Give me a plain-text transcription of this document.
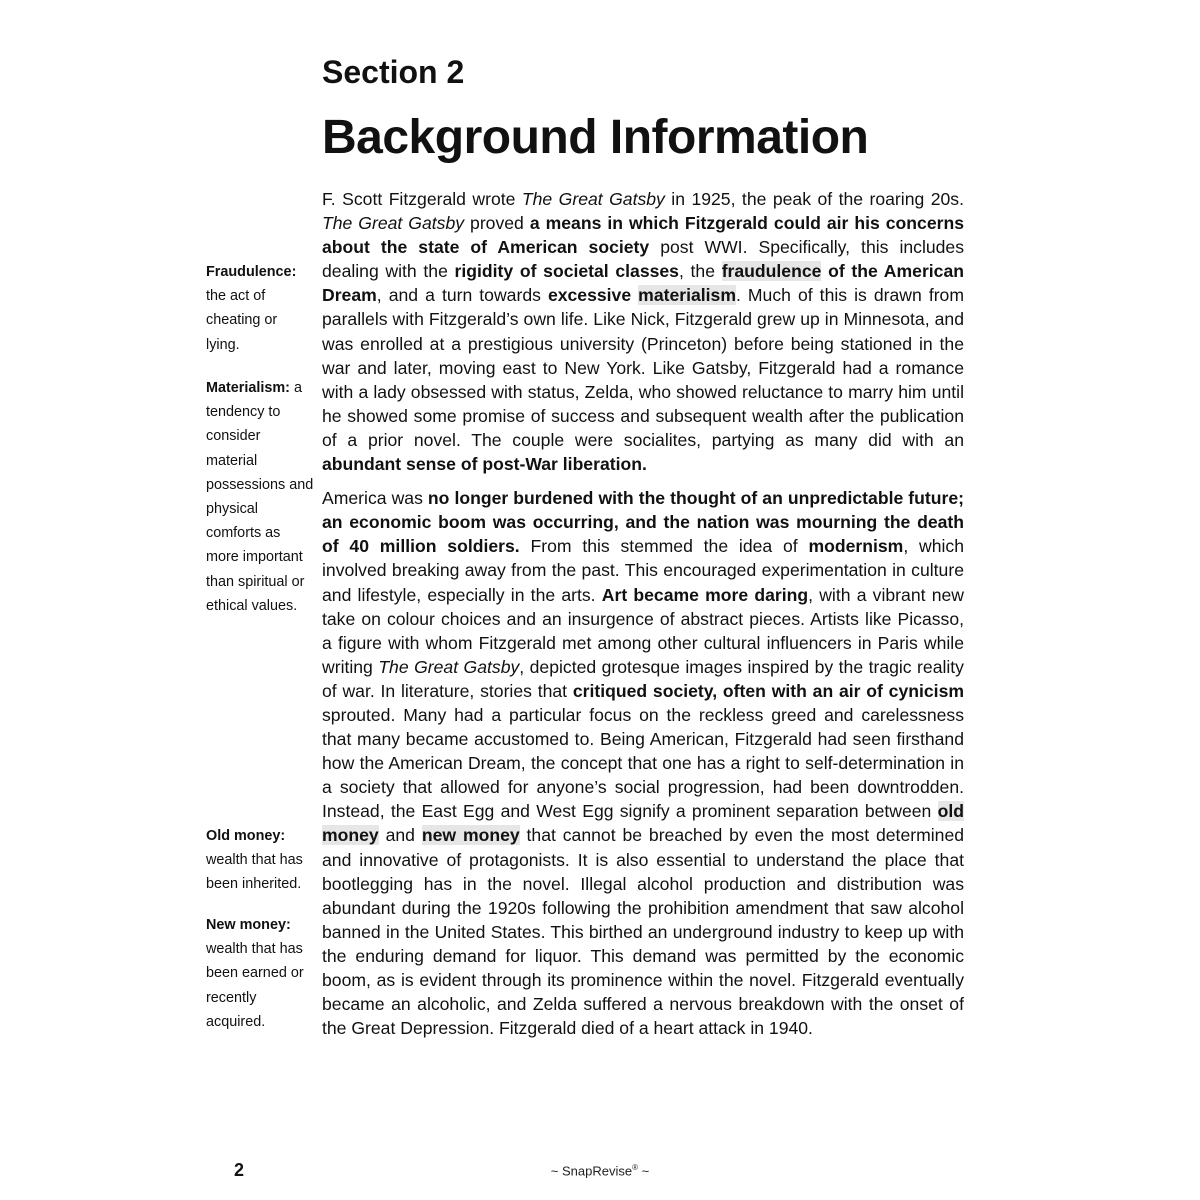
Section 2
Background Information
Fraudulence: the act of cheating or lying.
Materialism: a tendency to consider material possessions and physical comforts as more important than spiritual or ethical values.
Old money: wealth that has been inherited.
New money: wealth that has been earned or recently acquired.

F. Scott Fitzgerald wrote The Great Gatsby in 1925, the peak of the roaring 20s. The Great Gatsby proved a means in which Fitzgerald could air his concerns about the state of American society post WWI. Specifically, this includes dealing with the rigidity of societal classes, the fraudulence of the American Dream, and a turn towards excessive materialism. Much of this is drawn from parallels with Fitzgerald’s own life. Like Nick, Fitzgerald grew up in Minnesota, and was enrolled at a prestigious university (Princeton) before being stationed in the war and later, moving east to New York. Like Gatsby, Fitzgerald had a romance with a lady obsessed with status, Zelda, who showed reluctance to marry him until he showed some promise of success and subsequent wealth after the publication of a prior novel. The couple were socialites, partying as many did with an abundant sense of post-War liberation.

America was no longer burdened with the thought of an unpredictable future; an economic boom was occurring, and the nation was mourning the death of 40 million soldiers. From this stemmed the idea of modernism, which involved breaking away from the past. This encouraged experimentation in culture and lifestyle, especially in the arts. Art became more daring, with a vibrant new take on colour choices and an insurgence of abstract pieces. Artists like Picasso, a figure with whom Fitzgerald met among other cultural influencers in Paris while writing The Great Gatsby, depicted grotesque images inspired by the tragic reality of war. In literature, stories that critiqued society, often with an air of cynicism sprouted. Many had a particular focus on the reckless greed and carelessness that many became accustomed to. Being American, Fitzgerald had seen firsthand how the American Dream, the concept that one has a right to self-determination in a society that allowed for anyone’s social progression, had been downtrodden. Instead, the East Egg and West Egg signify a prominent separation between old money and new money that cannot be breached by even the most determined and innovative of protagonists. It is also essential to understand the place that bootlegging has in the novel. Illegal alcohol production and distribution was abundant during the 1920s following the prohibition amendment that saw alcohol banned in the United States. This birthed an underground industry to keep up with the enduring demand for liquor. This demand was permitted by the economic boom, as is evident through its prominence within the novel. Fitzgerald eventually became an alcoholic, and Zelda suffered a nervous breakdown with the onset of the Great Depression. Fitzgerald died of a heart attack in 1940.

2	~ SnapRevise® ~
